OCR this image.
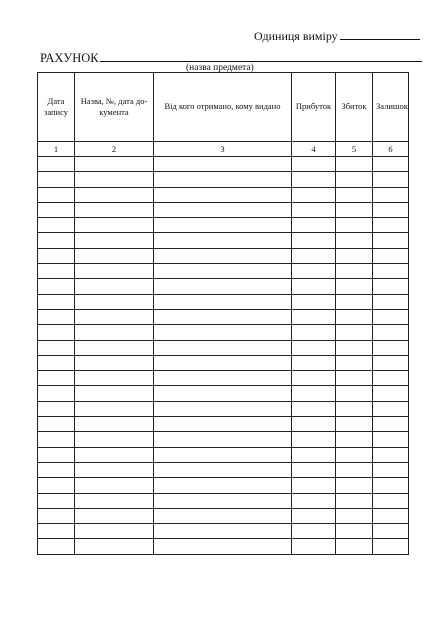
Одиниця виміру
РАХУНОК
(назва предмета)
Дата запису	Назва, №, дата до-кумента	Від кого отримано, кому видано	Прибуток	Збиток	Залишок
1	2	3	4	5	6
